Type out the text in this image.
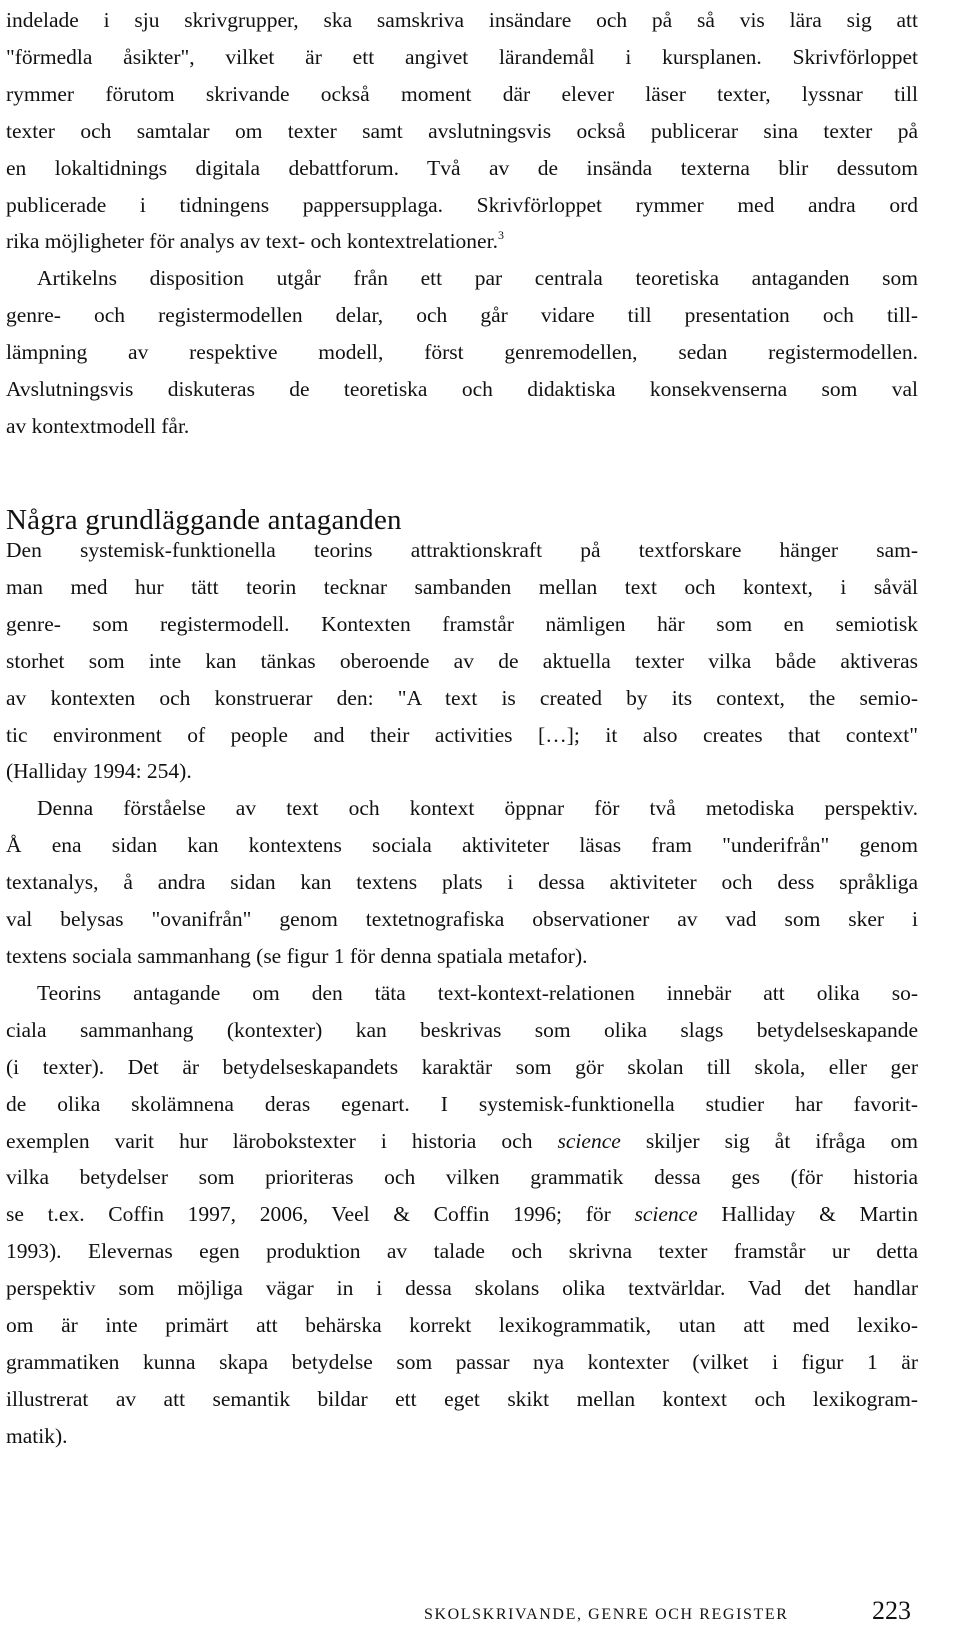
indelade i sju skrivgrupper, ska samskriva insändare och på så vis lära sig att
"förmedla åsikter", vilket är ett angivet lärandemål i kursplanen. Skrivförloppet
rymmer förutom skrivande också moment där elever läser texter, lyssnar till
texter och samtalar om texter samt avslutningsvis också publicerar sina texter på
en lokaltidnings digitala debattforum. Två av de insända texterna blir dessutom
publicerade i tidningens pappersupplaga. Skrivförloppet rymmer med andra ord
rika möjligheter för analys av text- och kontextrelationer.$^3$

Artikelns disposition utgår från ett par centrala teoretiska antaganden som
genre- och registermodellen delar, och går vidare till presentation och till-
lämpning av respektive modell, först genremodellen, sedan registermodellen.
Avslutningsvis diskuteras de teoretiska och didaktiska konsekvenserna som val
av kontextmodell får.

Några grundläggande antaganden

Den systemisk-funktionella teorins attraktionskraft på textforskare hänger sam-
man med hur tätt teorin tecknar sambanden mellan text och kontext, i såväl
genre- som registermodell. Kontexten framstår nämligen här som en semiotisk
storhet som inte kan tänkas oberoende av de aktuella texter vilka både aktiveras
av kontexten och konstruerar den: "A text is created by its context, the semio-
tic environment of people and their activities […]; it also creates that context"
(Halliday 1994: 254).

Denna förståelse av text och kontext öppnar för två metodiska perspektiv.
Å ena sidan kan kontextens sociala aktiviteter läsas fram "underifrån" genom
textanalys, å andra sidan kan textens plats i dessa aktiviteter och dess språkliga
val belysas "ovanifrån" genom textetnografiska observationer av vad som sker i
textens sociala sammanhang (se figur 1 för denna spatiala metafor).

Teorins antagande om den täta text-kontext-relationen innebär att olika so-
ciala sammanhang (kontexter) kan beskrivas som olika slags betydelseskapande
(i texter). Det är betydelseskapandets karaktär som gör skolan till skola, eller ger
de olika skolämnena deras egenart. I systemisk-funktionella studier har favorit-
exemplen varit hur lärobokstexter i historia och science skiljer sig åt ifråga om
vilka betydelser som prioriteras och vilken grammatik dessa ges (för historia
se t.ex. Coffin 1997, 2006, Veel & Coffin 1996; för science Halliday & Martin
1993). Elevernas egen produktion av talade och skrivna texter framstår ur detta
perspektiv som möjliga vägar in i dessa skolans olika textvärldar. Vad det handlar
om är inte primärt att behärska korrekt lexikogrammatik, utan att med lexiko-
grammatiken kunna skapa betydelse som passar nya kontexter (vilket i figur 1 är
illustrerat av att semantik bildar ett eget skikt mellan kontext och lexikogram-
matik).

SKOLSKRIVANDE, GENRE OCH REGISTER	223
